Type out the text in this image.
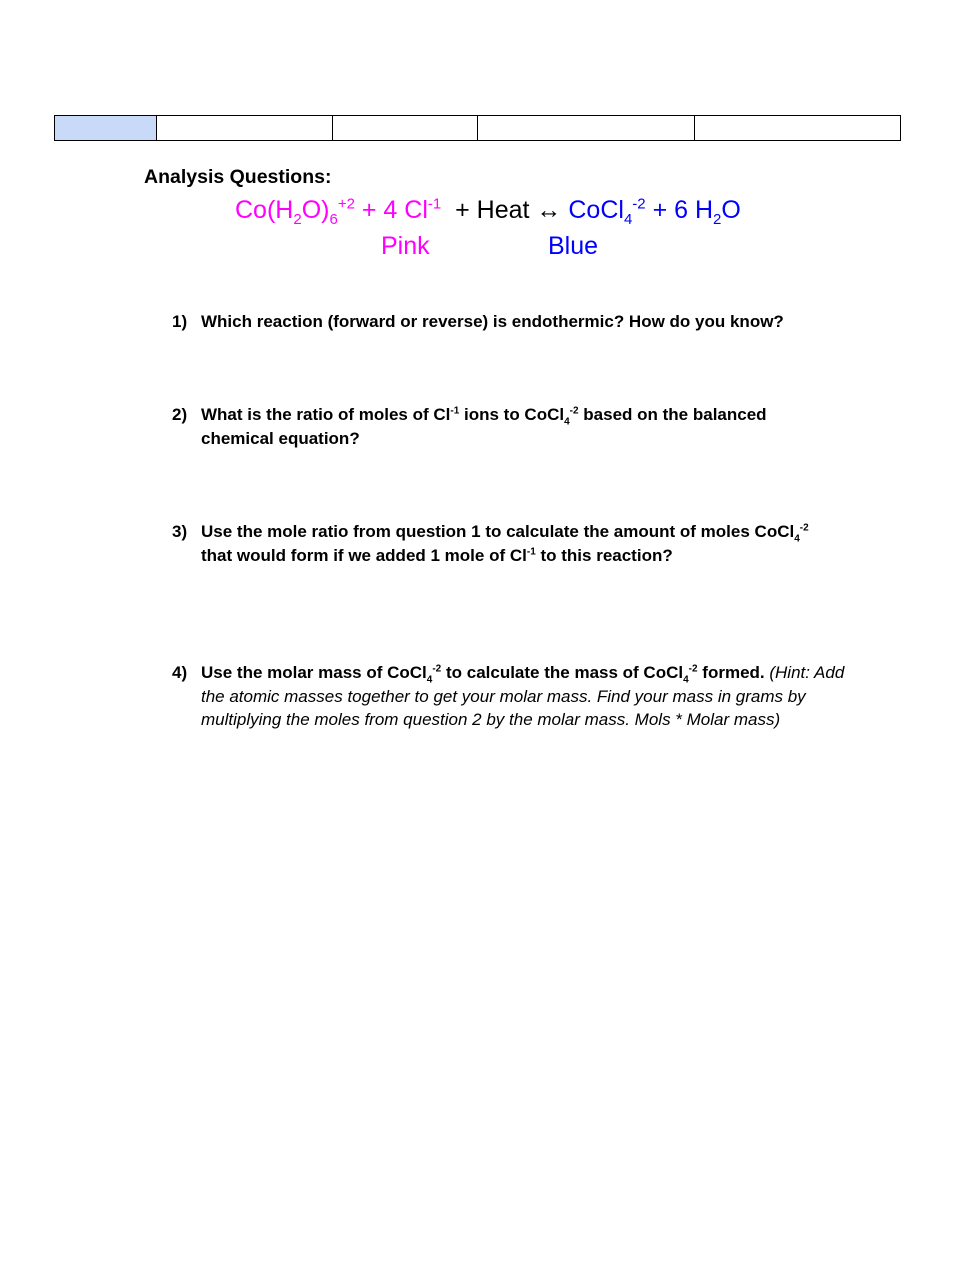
Analysis Questions:
$Co(H_2O)_6^{+2} + 4$ $Cl^{-1}$  + Heat ↔ CoCl$_4^{-2}$ + 6 $H_2O$
Pink	Blue
1) Which reaction (forward or reverse) is endothermic? How do you know?
2) What is the ratio of moles of $Cl^{-1}$ ions to CoCl$_4^{-2}$ based on the balanced chemical equation?
3) Use the mole ratio from question 1 to calculate the amount of moles CoCl$_4^{-2}$ that would form if we added 1 mole of $Cl^{-1}$ to this reaction?
4) Use the molar mass of CoCl$_4^{-2}$ to calculate the mass of CoCl$_4^{-2}$ formed. (Hint: Add the atomic masses together to get your molar mass. Find your mass in grams by multiplying the moles from question 2 by the molar mass. Mols * Molar mass)
